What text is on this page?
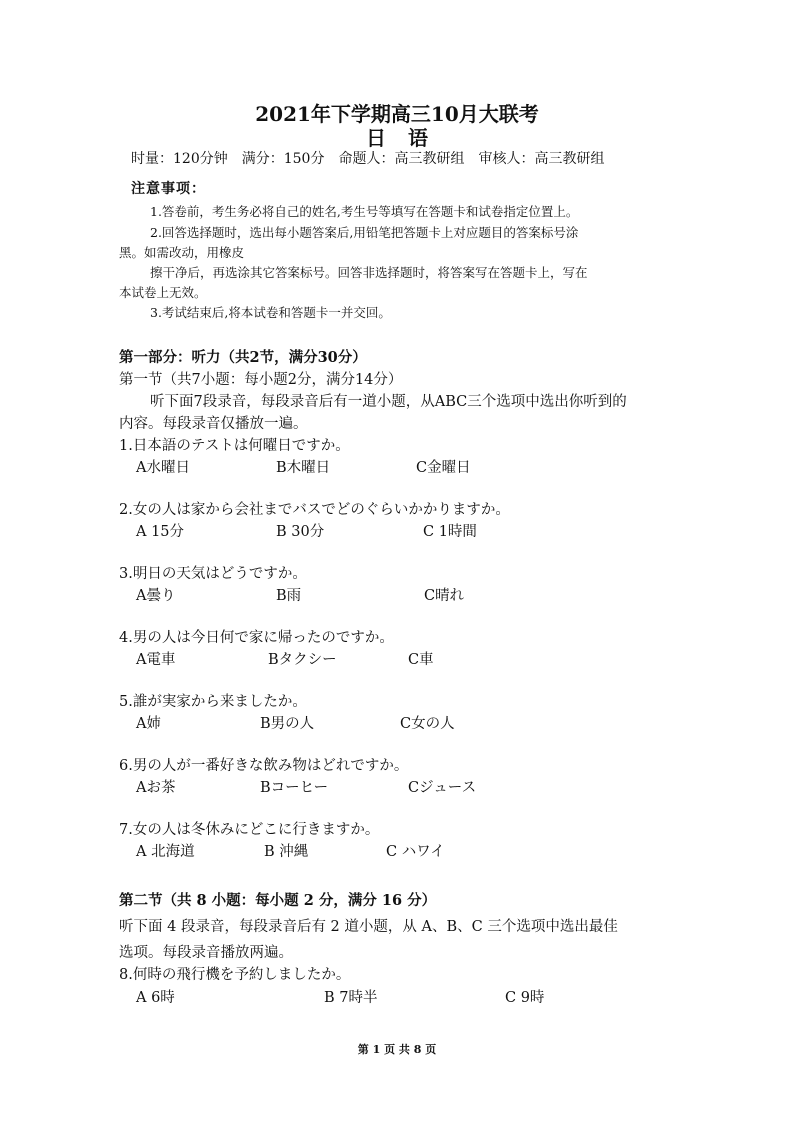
2021年下学期高三10月大联考
日语
时量：120分钟　满分：150分　命题人：高三教研组　审核人：高三教研组
注意事项：
1.答卷前，考生务必将自己的姓名,考生号等填写在答题卡和试卷指定位置上。
2.回答选择题时，选出每小题答案后,用铅笔把答题卡上对应题目的答案标号涂
黑。如需改动，用橡皮
擦干净后，再选涂其它答案标号。回答非选择题时，将答案写在答题卡上，写在
本试卷上无效。
3.考试结束后,将本试卷和答题卡一并交回。
第一部分：听力（共2节，满分30分）
第一节（共7小题：每小题2分，满分14分）
听下面7段录音，每段录音后有一道小题，从ABC三个选项中选出你听到的
内容。每段录音仅播放一遍。
1.日本語のテストは何曜日ですか。
A水曜日	B木曜日	C金曜日
2.女の人は家から会社までバスでどのぐらいかかりますか。
A 15分	B 30分	C 1時間
3.明日の天気はどうですか。
A曇り	B雨	C晴れ
4.男の人は今日何で家に帰ったのですか。
A電車	Bタクシー	C車
5.誰が実家から来ましたか。
A姉	B男の人	C女の人
6.男の人が一番好きな飲み物はどれですか。
Aお茶	Bコーヒー	Cジュース
7.女の人は冬休みにどこに行きますか。
A 北海道	B 沖縄	C ハワイ
第二节（共 8 小题：每小题 2 分，满分 16 分）
听下面 4 段录音，每段录音后有 2 道小题，从 A、B、C 三个选项中选出最佳
选项。每段录音播放两遍。
8.何時の飛行機を予約しましたか。
A 6時	B 7時半	C 9時
第 1 页 共 8 页
